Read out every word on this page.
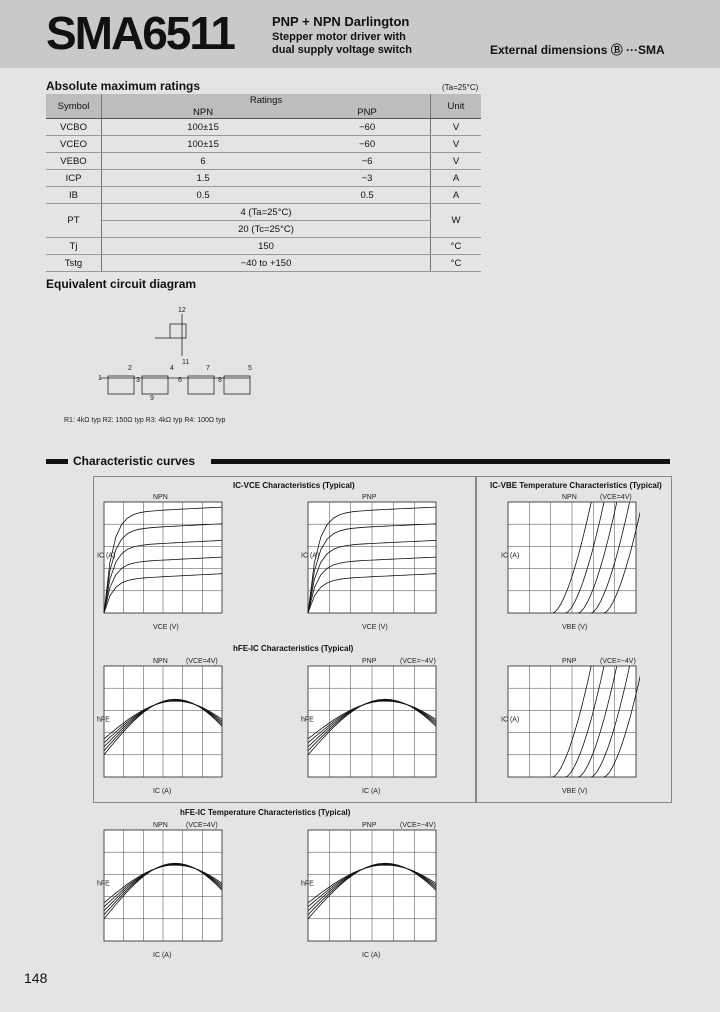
SMA6511	PNP + NPN Darlington
Stepper motor driver with
dual supply voltage switch	External dimensions Ⓑ ···SMA
Absolute maximum ratings	(Ta=25°C)
Symbol	Ratings		Unit
	NPN	PNP	
VCBO	100±15	−60	V
VCEO	100±15	−60	V
VEBO	6	−6	V
ICP	1.5	−3	A
IB	0.5	0.5	A
PT	4 (Ta=25°C)		W
	20 (Tc=25°C)		
Tj	150		°C
Tstg	−40 to +150		°C
Equivalent circuit diagram
12
1
2
3
4	5
6
7
8
9
11
R1: 4kΩ typ R2: 150Ω typ R3: 4kΩ typ R4: 100Ω typ
Characteristic curves
IC-VCE Characteristics (Typical)	IC-VBE Temperature Characteristics (Typical)
hFE-IC Characteristics (Typical)
hFE-IC Temperature Characteristics (Typical)
NPN
VCE (V)
IC (A)
PNP
VCE (V)
IC (A)
NPN	(VCE=4V)
VBE (V)
IC (A)
PNP	(VCE=−4V)
VBE (V)
IC (A)
NPN	(VCE=4V)
IC (A)
hFE
PNP	(VCE=−4V)
IC (A)
hFE
NPN	(VCE=4V)
IC (A)
hFE
PNP	(VCE=−4V)
IC (A)
hFE
148
